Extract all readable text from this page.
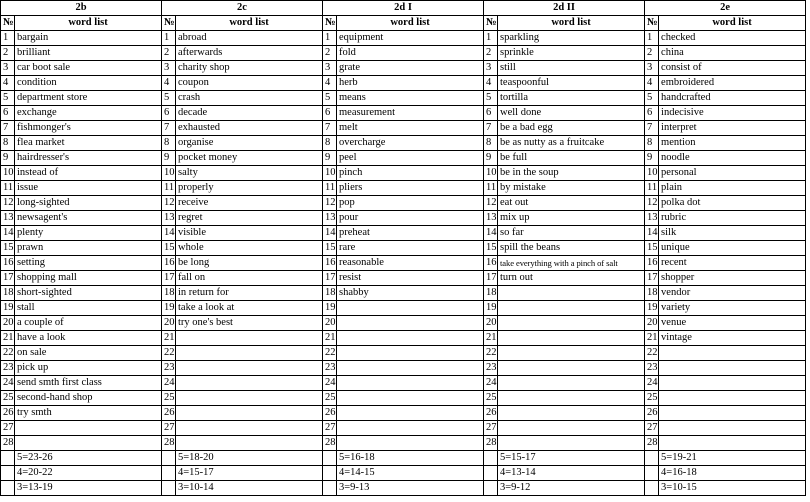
2b		2c		2d I		2d II		2e	
№	word list	№	word list	№	word list	№	word list	№	word list
1	bargain	1	abroad	1	equipment	1	sparkling	1	checked
2	brilliant	2	afterwards	2	fold	2	sprinkle	2	china
3	car boot sale	3	charity shop	3	grate	3	still	3	consist of
4	condition	4	coupon	4	herb	4	teaspoonful	4	embroidered
5	department store	5	crash	5	means	5	tortilla	5	handcrafted
6	exchange	6	decade	6	measurement	6	well done	6	indecisive
7	fishmonger's	7	exhausted	7	melt	7	be a bad egg	7	interpret
8	flea market	8	organise	8	overcharge	8	be as nutty as a fruitcake	8	mention
9	hairdresser's	9	pocket money	9	peel	9	be full	9	noodle
10	instead of	10	salty	10	pinch	10	be in the soup	10	personal
11	issue	11	properly	11	pliers	11	by mistake	11	plain
12	long-sighted	12	receive	12	pop	12	eat out	12	polka dot
13	newsagent's	13	regret	13	pour	13	mix up	13	rubric
14	plenty	14	visible	14	preheat	14	so far	14	silk
15	prawn	15	whole	15	rare	15	spill the beans	15	unique
16	setting	16	be long	16	reasonable	16	take everything with a pinch of salt	16	recent
17	shopping mall	17	fall on	17	resist	17	turn out	17	shopper
18	short-sighted	18	in return for	18	shabby	18		18	vendor
19	stall	19	take a look at	19		19		19	variety
20	a couple of	20	try one's best	20		20		20	venue
21	have a look	21		21		21		21	vintage
22	on sale	22		22		22		22	
23	pick up	23		23		23		23	
24	send smth first class	24		24		24		24	
25	second-hand shop	25		25		25		25	
26	try smth	26		26		26		26	
27		27		27		27		27	
28		28		28		28		28	
	5=23-26		5=18-20		5=16-18		5=15-17		5=19-21
	4=20-22		4=15-17		4=14-15		4=13-14		4=16-18
	3=13-19		3=10-14		3=9-13		3=9-12		3=10-15
